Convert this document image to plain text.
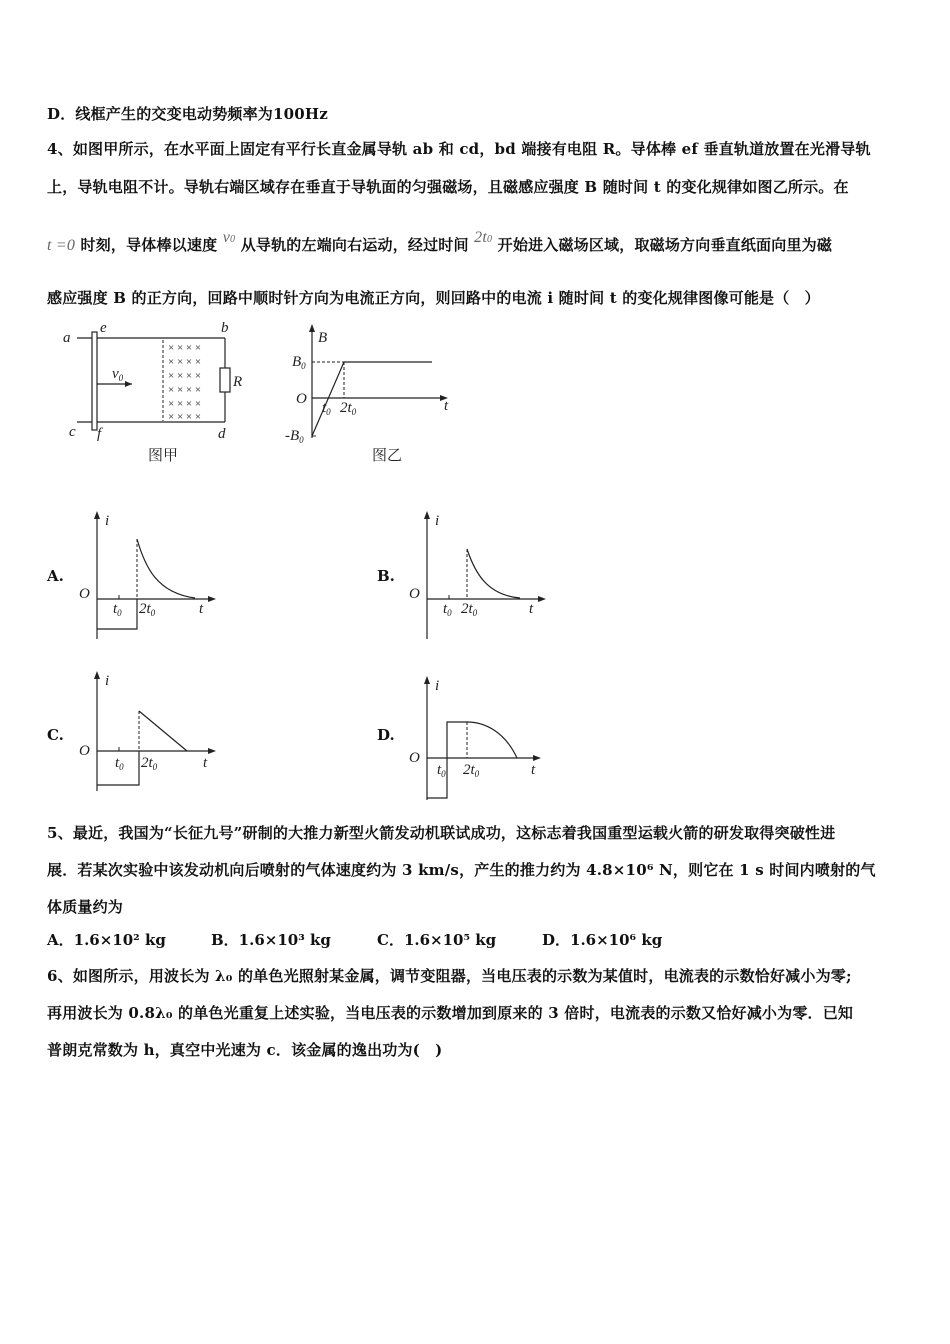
D．线框产生的交变电动势频率为100Hz
4、如图甲所示，在水平面上固定有平行长直金属导轨 ab 和 cd，bd 端接有电阻 R。导体棒 ef 垂直轨道放置在光滑导轨
上，导轨电阻不计。导轨右端区域存在垂直于导轨面的匀强磁场，且磁感应强度 B 随时间 t 的变化规律如图乙所示。在
t =0 时刻，导体棒以速度 v0 从导轨的左端向右运动，经过时间 2t0 开始进入磁场区域，取磁场方向垂直纸面向里为磁
感应强度 B 的正方向，回路中顺时针方向为电流正方向，则回路中的电流 i 随时间 t 的变化规律图像可能是（　）
× × × ×
× × × ×
× × × ×
× × × ×
× × × ×
× × × ×
a
e	b
R
$v_0$
c f	d
图甲
B
$B_0$
O
$t_0$ $2t_0$	t
$-B_0$
图乙
A.
i
O
$t_0$ $2t_0$	t
B.
i
O
$t_0$ $2t_0$	t
C.
i
O
$t_0$ $2t_0$	t
D.
i
O
$t_0$ $2t_0$	t
5、最近，我国为“长征九号”研制的大推力新型火箭发动机联试成功，这标志着我国重型运载火箭的研发取得突破性进
展．若某次实验中该发动机向后喷射的气体速度约为 3 km/s，产生的推力约为 4.8×10⁶ N，则它在 1 s 时间内喷射的气
体质量约为
A．1.6×10² kg	B．1.6×10³ kg	C．1.6×10⁵ kg	D．1.6×10⁶ kg
6、如图所示，用波长为 λ₀ 的单色光照射某金属，调节变阻器，当电压表的示数为某值时，电流表的示数恰好减小为零;
再用波长为 0.8λ₀ 的单色光重复上述实验，当电压表的示数增加到原来的 3 倍时，电流表的示数又恰好减小为零．已知
普朗克常数为 h，真空中光速为 c．该金属的逸出功为(　)
